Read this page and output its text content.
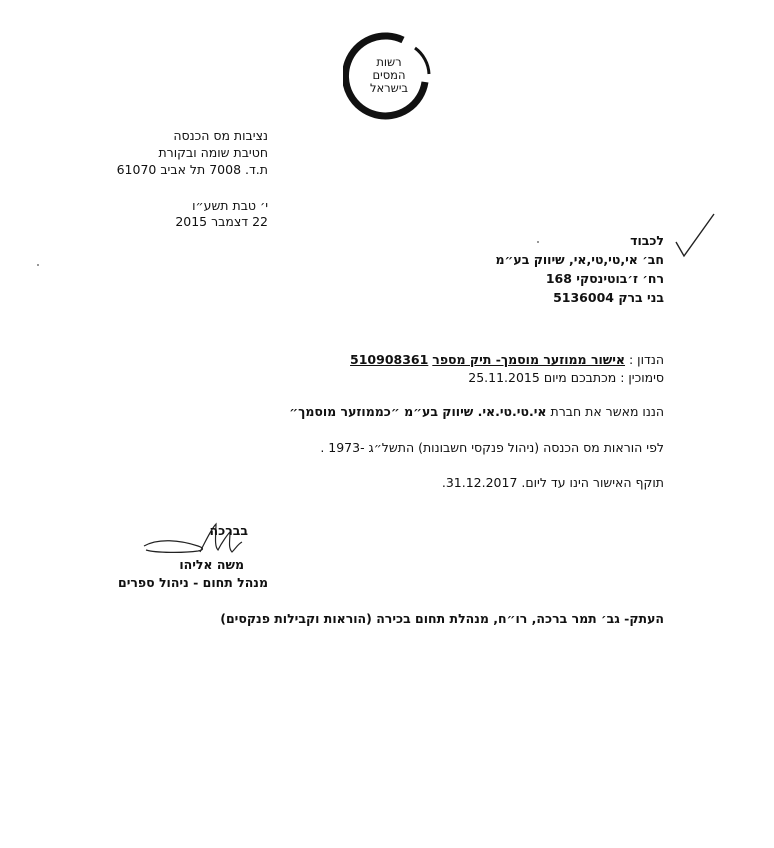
רשות
המסים
בישראל
נציבות מס הכנסה
חטיבת שומה ובקורת
ת.ד. 7008 תל אביב 61070
י׳ טבת תשע״ו
22 דצמבר 2015
לכבוד
חב׳ אי,טי,טי,אי, שיווק בע״מ
רח׳ ז׳בוטינסקי 168
בני ברק 5136004
הנדון : אישור ממוזער מוסמך- תיק מספר 510908361
סימוכין : מכתבכם מיום 25.11.2015
הננו מאשר את חברת אי.טי.טי.אי. שיווק בע״מ ״כממוזער מוסמך״
לפי הוראות מס הכנסה (ניהול פנקסי חשבונות) התשל״ג -1973 .
תוקף האישור הינו עד ליום. 31.12.2017.
בברכה
משה אליהו
מנהל תחום - ניהול ספרים
העתק- גב׳ תמר ברכה, רו״ח, מנהלת תחום בכירה (הוראות וקבילות פנקסים)
